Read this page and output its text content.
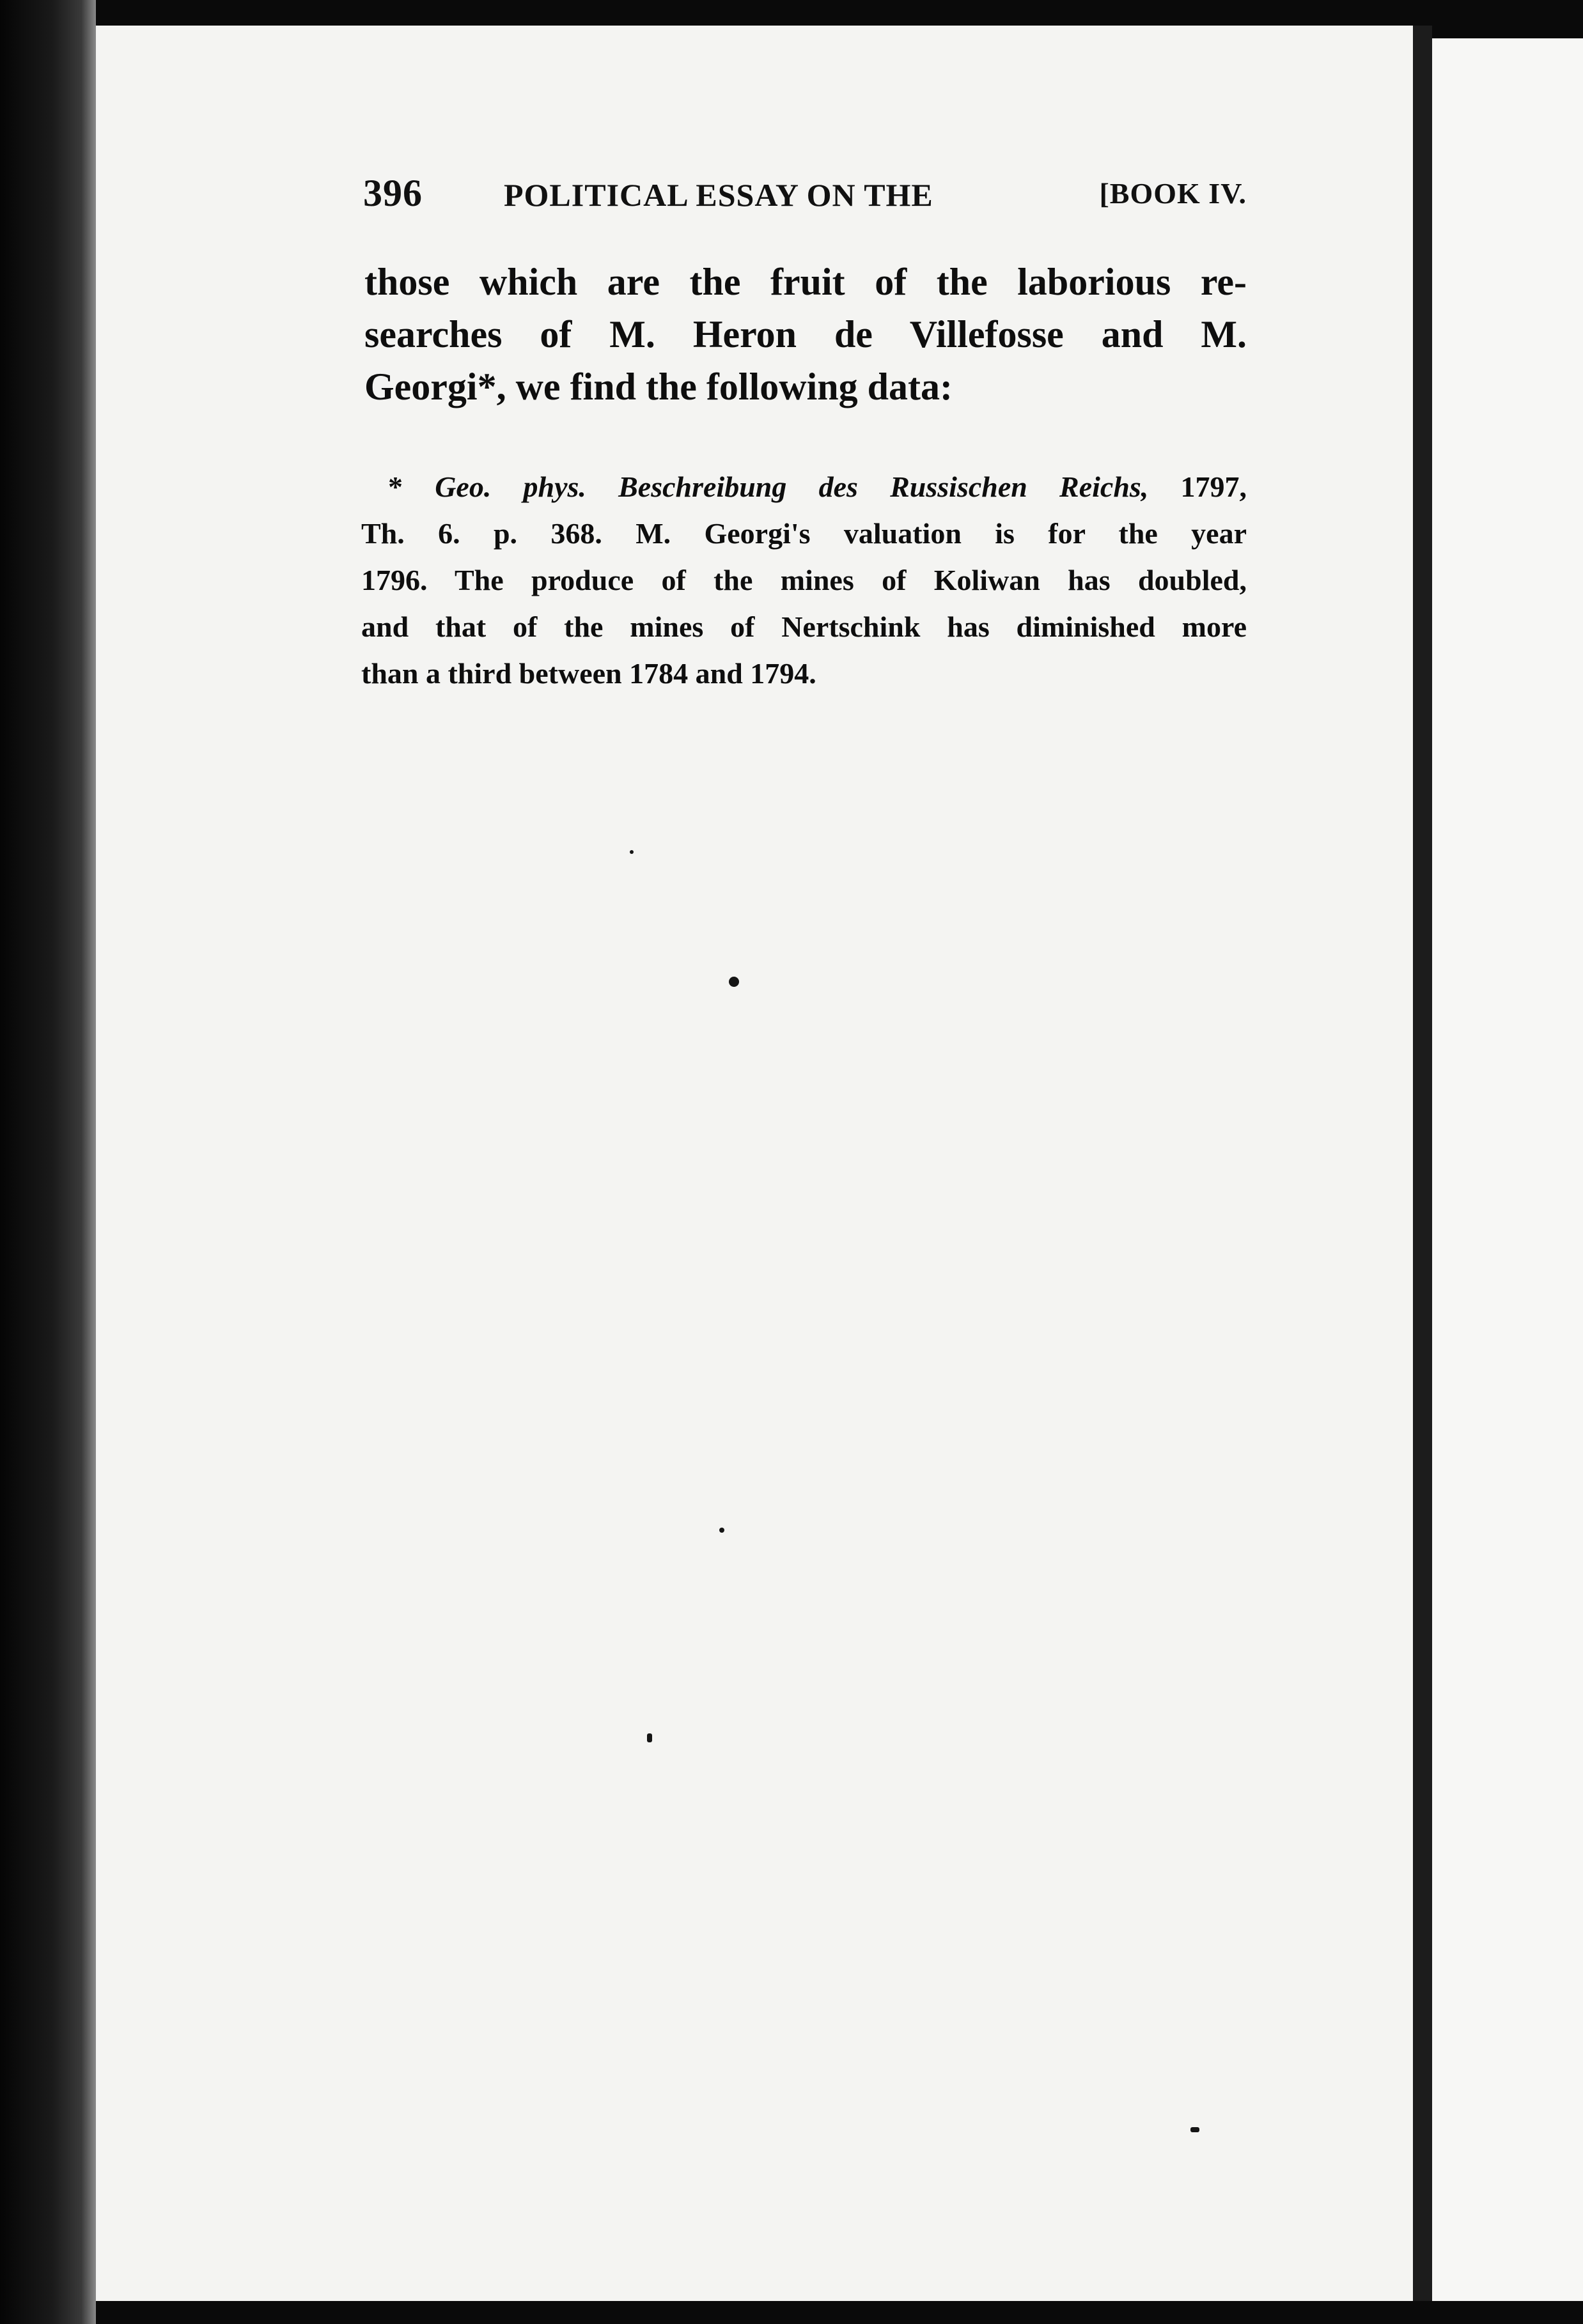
396	POLITICAL ESSAY ON THE	[BOOK IV.
those which are the fruit of the laborious re-
searches of M. Heron de Villefosse and M.
Georgi*, we find the following data:
* Geo. phys. Beschreibung des Russischen Reichs, 1797,
Th. 6. p. 368. M. Georgi's valuation is for the year
1796. The produce of the mines of Koliwan has doubled,
and that of the mines of Nertschink has diminished more
than a third between 1784 and 1794.
